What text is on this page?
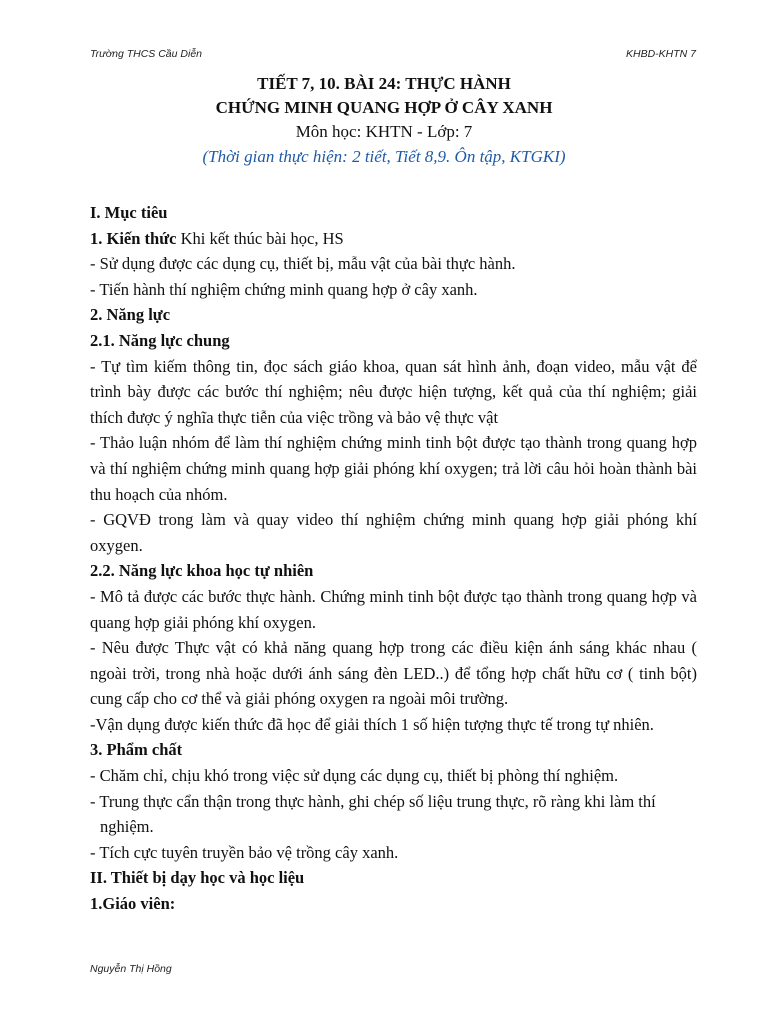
Trường THCS Cầu Diễn	KHBD-KHTN 7
TIẾT 7, 10. BÀI 24: THỰC HÀNH
CHỨNG MINH QUANG HỢP Ở CÂY XANH
Môn học: KHTN - Lớp: 7
(Thời gian thực hiện: 2 tiết, Tiết 8,9. Ôn tập, KTGKI)

I. Mục tiêu

1. Kiến thức Khi kết thúc bài học, HS

- Sử dụng được các dụng cụ, thiết bị, mẫu vật của bài thực hành.

- Tiến hành thí nghiệm chứng minh quang hợp ở cây xanh.

2. Năng lực

2.1. Năng lực chung

- Tự tìm kiếm thông tin, đọc sách giáo khoa, quan sát hình ảnh, đoạn video, mẫu vật để trình bày được các bước thí nghiệm; nêu được hiện tượng, kết quả của thí nghiệm; giải thích được ý nghĩa thực tiễn của việc trồng và bảo vệ thực vật

- Thảo luận nhóm để làm thí nghiệm chứng minh tinh bột được tạo thành trong quang hợp và thí nghiệm chứng minh quang hợp giải phóng khí oxygen; trả lời câu hỏi hoàn thành bài thu hoạch của nhóm.

- GQVĐ trong làm và quay video thí nghiệm chứng minh quang hợp giải phóng khí oxygen.

2.2. Năng lực khoa học tự nhiên

- Mô tả được các bước thực hành. Chứng minh tinh bột được tạo thành trong quang hợp và quang hợp giải phóng khí oxygen.

- Nêu được Thực vật có khả năng quang hợp trong các điều kiện ánh sáng khác nhau ( ngoài trời, trong nhà hoặc dưới ánh sáng đèn LED..) để tổng hợp chất hữu cơ ( tinh bột) cung cấp cho cơ thể và giải phóng oxygen ra ngoài môi trường.

-Vận dụng được kiến thức đã học để giải thích 1 số hiện tượng thực tế trong tự nhiên.

3. Phẩm chất

- Chăm chỉ, chịu khó trong việc sử dụng các dụng cụ, thiết bị phòng thí nghiệm.

- Trung thực cẩn thận trong thực hành, ghi chép số liệu trung thực, rõ ràng khi làm thí

nghiệm.

- Tích cực tuyên truyền bảo vệ trồng cây xanh.

II. Thiết bị dạy học và học liệu

1.Giáo viên:

Nguyễn Thị Hồng
